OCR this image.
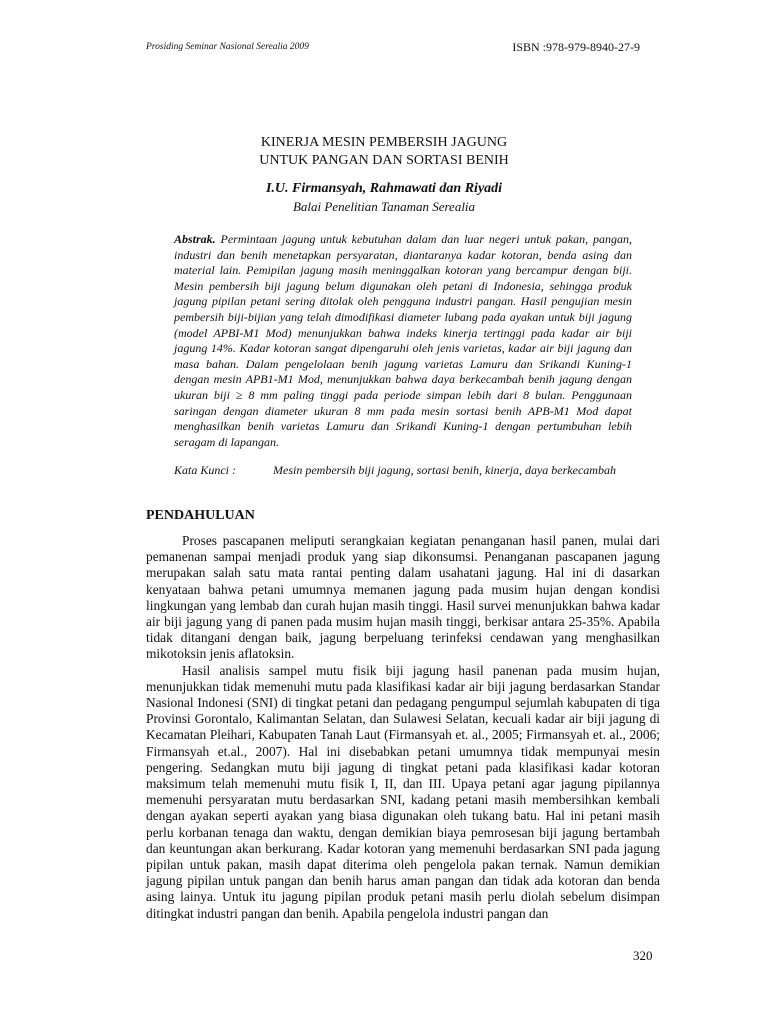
Prosiding Seminar Nasional Serealia 2009	ISBN :978-979-8940-27-9
KINERJA MESIN PEMBERSIH JAGUNG
UNTUK PANGAN DAN SORTASI BENIH
I.U. Firmansyah, Rahmawati dan Riyadi
Balai Penelitian Tanaman Serealia

Abstrak. Permintaan jagung untuk kebutuhan dalam dan luar negeri untuk pakan, pangan, industri dan benih menetapkan persyaratan, diantaranya kadar kotoran, benda asing dan material lain. Pemipilan jagung masih meninggalkan kotoran yang bercampur dengan biji. Mesin pembersih biji jagung belum digunakan oleh petani di Indonesia, sehingga produk jagung pipilan petani sering ditolak oleh pengguna industri pangan. Hasil pengujian mesin pembersih biji-bijian yang telah dimodifikasi diameter lubang pada ayakan untuk biji jagung (model APBI-M1 Mod) menunjukkan bahwa indeks kinerja tertinggi pada kadar air biji jagung 14%. Kadar kotoran sangat dipengaruhi oleh jenis varietas, kadar air biji jagung dan masa bahan. Dalam pengelolaan benih jagung varietas Lamuru dan Srikandi Kuning-1 dengan mesin APB1-M1 Mod, menunjukkan bahwa daya berkecambah benih jagung dengan ukuran biji ≥ 8 mm paling tinggi pada periode simpan lebih dari 8 bulan. Penggunaan saringan dengan diameter ukuran 8 mm pada mesin sortasi benih APB-M1 Mod dapat menghasilkan benih varietas Lamuru dan Srikandi Kuning-1 dengan pertumbuhan lebih seragam di lapangan.

Kata Kunci :	Mesin pembersih biji jagung, sortasi benih, kinerja, daya berkecambah
PENDAHULUAN

Proses pascapanen meliputi serangkaian kegiatan penanganan hasil panen, mulai dari pemanenan sampai menjadi produk yang siap dikonsumsi. Penanganan pascapanen jagung merupakan salah satu mata rantai penting dalam usahatani jagung. Hal ini di dasarkan kenyataan bahwa petani umumnya memanen jagung pada musim hujan dengan kondisi lingkungan yang lembab dan curah hujan masih tinggi. Hasil survei menunjukkan bahwa kadar air biji jagung yang di panen pada musim hujan masih tinggi, berkisar antara 25-35%. Apabila tidak ditangani dengan baik, jagung berpeluang terinfeksi cendawan yang menghasilkan mikotoksin jenis aflatoksin.

Hasil analisis sampel mutu fisik biji jagung hasil panenan pada musim hujan, menunjukkan tidak memenuhi mutu pada klasifikasi kadar air biji jagung berdasarkan Standar Nasional Indonesi (SNI) di tingkat petani dan pedagang pengumpul sejumlah kabupaten di tiga Provinsi Gorontalo, Kalimantan Selatan, dan Sulawesi Selatan, kecuali kadar air biji jagung di Kecamatan Pleihari, Kabupaten Tanah Laut (Firmansyah et. al., 2005; Firmansyah et. al., 2006; Firmansyah et.al., 2007). Hal ini disebabkan petani umumnya tidak mempunyai mesin pengering. Sedangkan mutu biji jagung di tingkat petani pada klasifikasi kadar kotoran maksimum telah memenuhi mutu fisik I, II, dan III. Upaya petani agar jagung pipilannya memenuhi persyaratan mutu berdasarkan SNI, kadang petani masih membersihkan kembali dengan ayakan seperti ayakan yang biasa digunakan oleh tukang batu. Hal ini petani masih perlu korbanan tenaga dan waktu, dengan demikian biaya pemrosesan biji jagung bertambah dan keuntungan akan berkurang. Kadar kotoran yang memenuhi berdasarkan SNI pada jagung pipilan untuk pakan, masih dapat diterima oleh pengelola pakan ternak. Namun demikian jagung pipilan untuk pangan dan benih harus aman pangan dan tidak ada kotoran dan benda asing lainya. Untuk itu jagung pipilan produk petani masih perlu diolah sebelum disimpan ditingkat industri pangan dan benih. Apabila pengelola industri pangan dan

320
